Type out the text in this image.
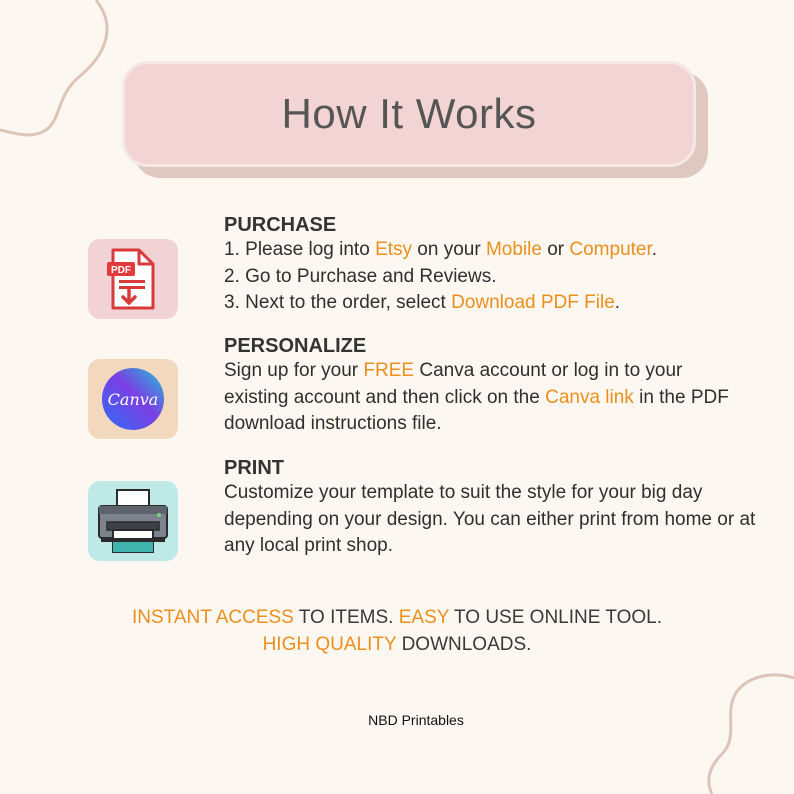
How It Works
PDF
Canva
PURCHASE
1. Please log into Etsy on your Mobile or Computer.
2. Go to Purchase and Reviews.
3. Next to the order, select Download PDF File.
PERSONALIZE
Sign up for your FREE Canva account or log in to your existing account and then click on the Canva link in the PDF download instructions file.
PRINT
Customize your template to suit the style for your big day depending on your design. You can either print from home or at any local print shop.
INSTANT ACCESS TO ITEMS. EASY TO USE ONLINE TOOL.
HIGH QUALITY DOWNLOADS.
NBD Printables
